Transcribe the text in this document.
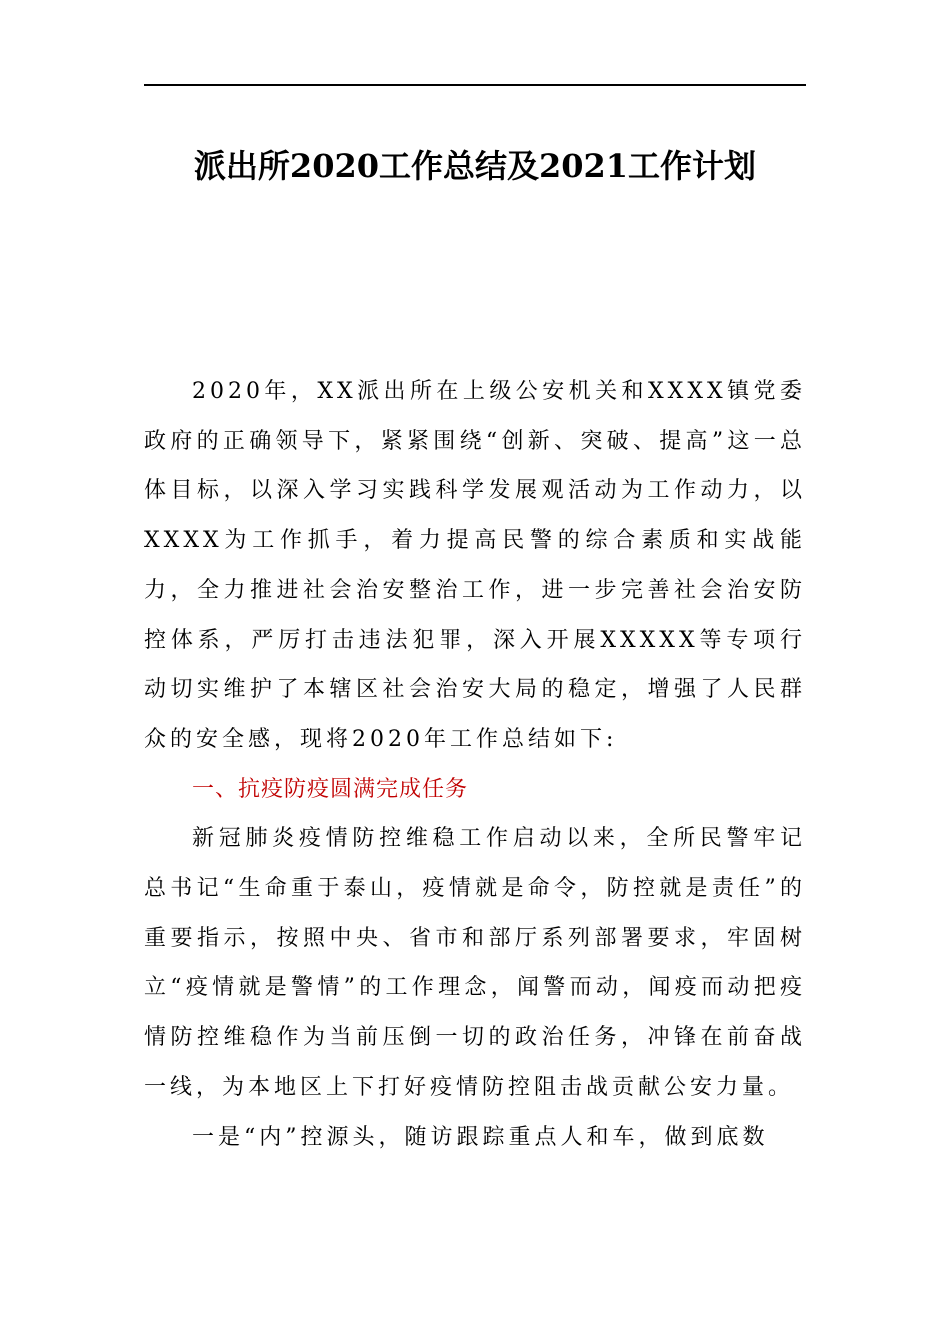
派出所2020工作总结及2021工作计划

2020年，XX派出所在上级公安机关和XXXX镇党委政府的正确领导下，紧紧围绕“创新、突破、提高”这一总体目标，以深入学习实践科学发展观活动为工作动力，以XXXX为工作抓手，着力提高民警的综合素质和实战能力，全力推进社会治安整治工作，进一步完善社会治安防控体系，严厉打击违法犯罪，深入开展XXXXX等专项行动切实维护了本辖区社会治安大局的稳定，增强了人民群众的安全感，现将2020年工作总结如下:

一、抗疫防疫圆满完成任务

新冠肺炎疫情防控维稳工作启动以来，全所民警牢记总书记“生命重于泰山，疫情就是命令，防控就是责任”的重要指示，按照中央、省市和部厅系列部署要求，牢固树立“疫情就是警情”的工作理念，闻警而动，闻疫而动把疫情防控维稳作为当前压倒一切的政治任务，冲锋在前奋战一线，为本地区上下打好疫情防控阻击战贡献公安力量。

一是“内”控源头，随访跟踪重点人和车，做到底数
